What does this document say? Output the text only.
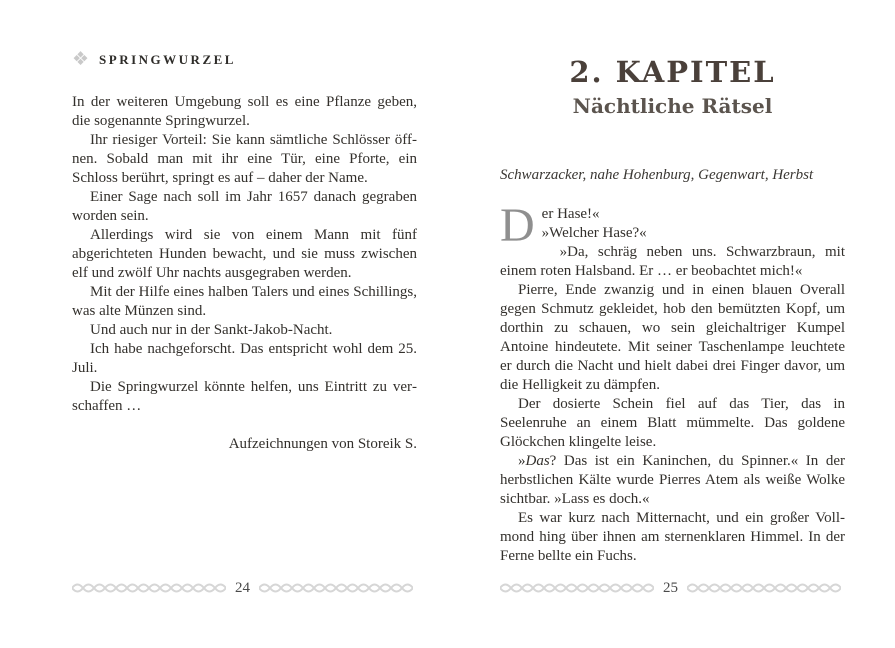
❖ SPRINGWURZEL

In der weiteren Umgebung soll es eine Pflanze geben, die sogenannte Springwurzel.

Ihr riesiger Vorteil: Sie kann sämtliche Schlösser öffnen. Sobald man mit ihr eine Tür, eine Pforte, ein Schloss berührt, springt es auf – daher der Name.

Einer Sage nach soll im Jahr 1657 danach gegraben worden sein.

Allerdings wird sie von einem Mann mit fünf abgerichteten Hunden bewacht, und sie muss zwischen elf und zwölf Uhr nachts ausgegraben werden.

Mit der Hilfe eines halben Talers und eines Schillings, was alte Münzen sind.

Und auch nur in der Sankt-Jakob-Nacht.

Ich habe nachgeforscht. Das entspricht wohl dem 25. Juli.

Die Springwurzel könnte helfen, uns Eintritt zu verschaffen …

Aufzeichnungen von Storeik S.

2. KAPITEL
Nächtliche Rätsel

Schwarzacker, nahe Hohenburg, Gegenwart, Herbst

Der Hase!«
»Welcher Hase?«

»Da, schräg neben uns. Schwarzbraun, mit einem roten Halsband. Er … er beobachtet mich!«

Pierre, Ende zwanzig und in einen blauen Overall gegen Schmutz gekleidet, hob den bemützten Kopf, um dorthin zu schauen, wo sein gleichaltriger Kumpel Antoine hindeutete. Mit seiner Taschenlampe leuchtete er durch die Nacht und hielt dabei drei Finger davor, um die Helligkeit zu dämpfen.

Der dosierte Schein fiel auf das Tier, das in Seelenruhe an einem Blatt mümmelte. Das goldene Glöckchen klingelte leise.

»Das? Das ist ein Kaninchen, du Spinner.« In der herbstlichen Kälte wurde Pierres Atem als weiße Wolke sichtbar. »Lass es doch.«

Es war kurz nach Mitternacht, und ein großer Vollmond hing über ihnen am sternenklaren Himmel. In der Ferne bellte ein Fuchs.

24	25
